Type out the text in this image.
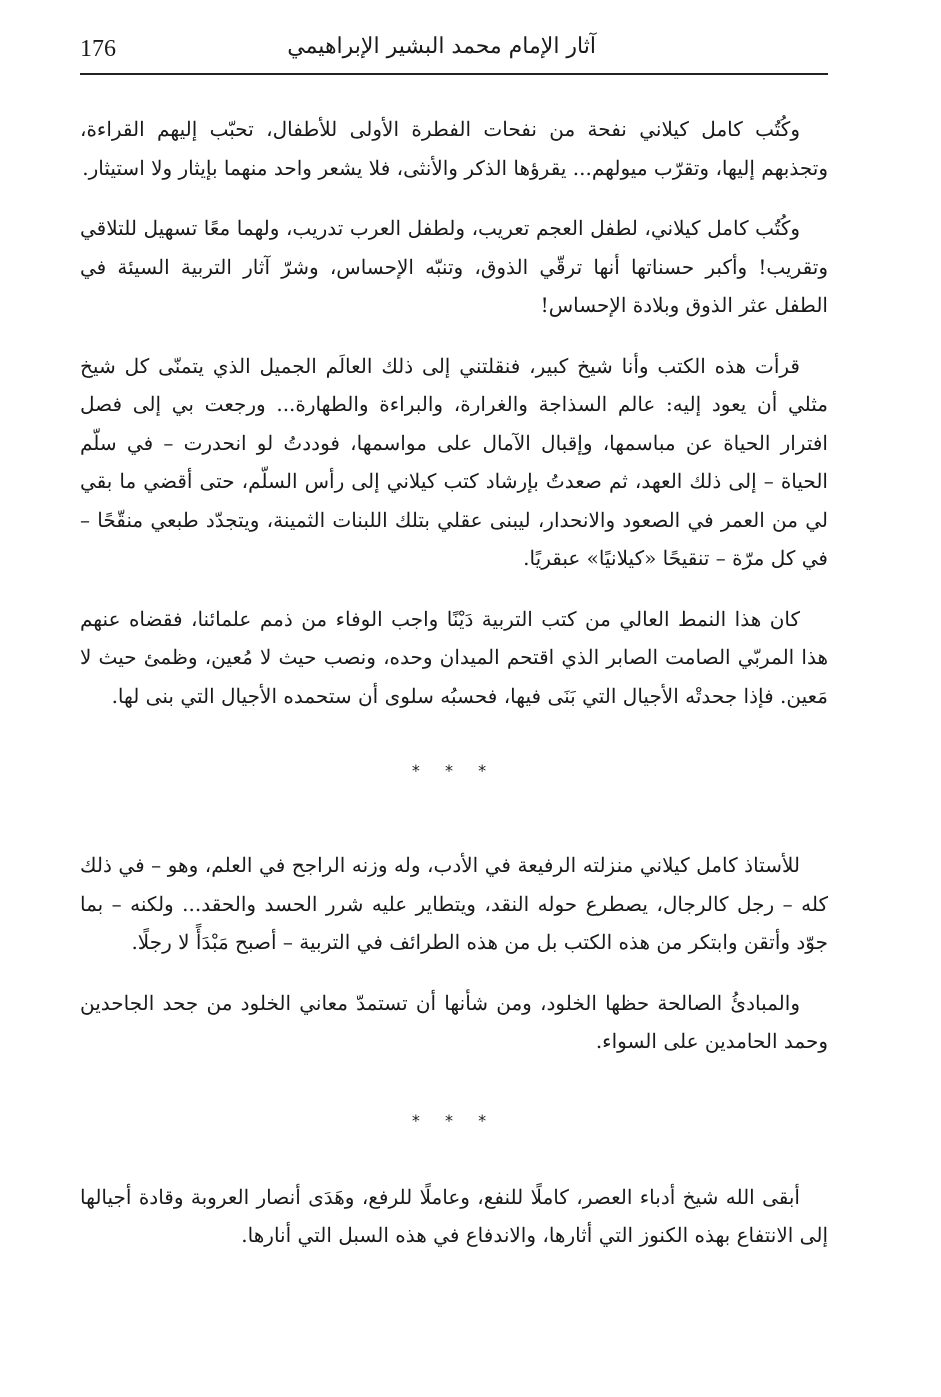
176	آثار الإمام محمد البشير الإبراهيمي

وكُتُب كامل كيلاني نفحة من نفحات الفطرة الأولى للأطفال، تحبّب إليهم القراءة، وتجذبهم إليها، وتقرّب ميولهم... يقرؤها الذكر والأنثى، فلا يشعر واحد منهما بإيثار ولا استيثار.

وكُتُب كامل كيلاني، لطفل العجم تعريب، ولطفل العرب تدريب، ولهما معًا تسهيل للتلاقي وتقريب! وأكبر حسناتها أنها ترقّي الذوق، وتنبّه الإحساس، وشرّ آثار التربية السيئة في الطفل عثر الذوق وبلادة الإحساس!

قرأت هذه الكتب وأنا شيخ كبير، فنقلتني إلى ذلك العالَم الجميل الذي يتمنّى كل شيخ مثلي أن يعود إليه: عالم السذاجة والغرارة، والبراءة والطهارة... ورجعت بي إلى فصل افترار الحياة عن مباسمها، وإقبال الآمال على مواسمها، فوددتُ لو انحدرت – في سلّم الحياة – إلى ذلك العهد، ثم صعدتُ بإرشاد كتب كيلاني إلى رأس السلّم، حتى أقضي ما بقي لي من العمر في الصعود والانحدار، ليبنى عقلي بتلك اللبنات الثمينة، ويتجدّد طبعي منقّحًا – في كل مرّة – تنقيحًا «كيلانيًا» عبقريًا.

كان هذا النمط العالي من كتب التربية دَيْنًا واجب الوفاء من ذمم علمائنا، فقضاه عنهم هذا المربّي الصامت الصابر الذي اقتحم الميدان وحده، ونصب حيث لا مُعين، وظمئ حيث لا مَعين. فإذا جحدتْه الأجيال التي بَنَى فيها، فحسبُه سلوى أن ستحمده الأجيال التي بنى لها.

* * *

للأستاذ كامل كيلاني منزلته الرفيعة في الأدب، وله وزنه الراجح في العلم، وهو – في ذلك كله – رجل كالرجال، يصطرع حوله النقد، ويتطاير عليه شرر الحسد والحقد... ولكنه – بما جوّد وأتقن وابتكر من هذه الكتب بل من هذه الطرائف في التربية – أصبح مَبْدَأً لا رجلًا.

والمبادئُ الصالحة حظها الخلود، ومن شأنها أن تستمدّ معاني الخلود من جحد الجاحدين وحمد الحامدين على السواء.

* * *

أبقى الله شيخ أدباء العصر، كاملًا للنفع، وعاملًا للرفع، وهَدَى أنصار العروبة وقادة أجيالها إلى الانتفاع بهذه الكنوز التي أثارها، والاندفاع في هذه السبل التي أنارها.
